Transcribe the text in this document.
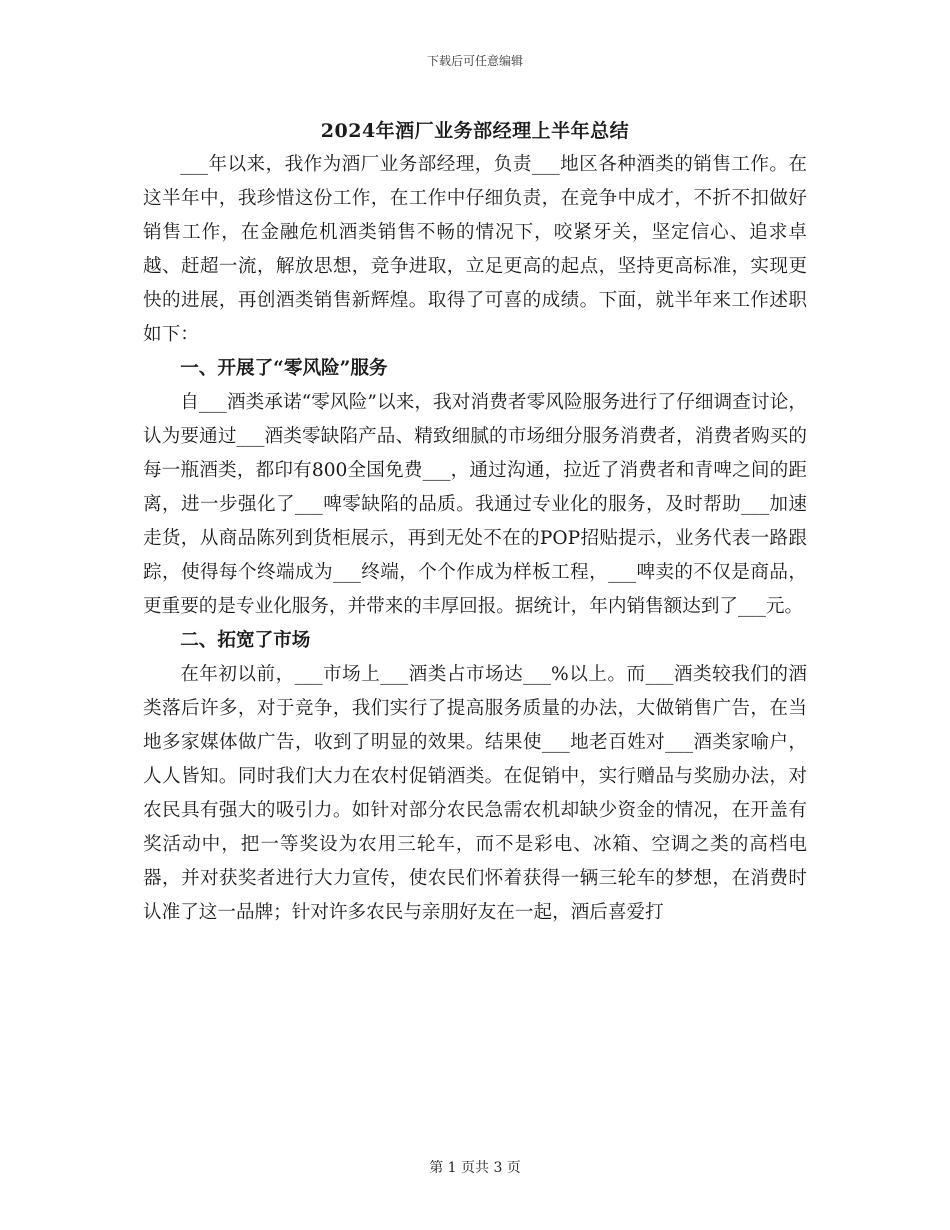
下载后可任意编辑
2024年酒厂业务部经理上半年总结

___年以来，我作为酒厂业务部经理，负责___地区各种酒类的销售工作。在这半年中，我珍惜这份工作，在工作中仔细负责，在竞争中成才，不折不扣做好销售工作，在金融危机酒类销售不畅的情况下，咬紧牙关，坚定信心、追求卓越、赶超一流，解放思想，竞争进取，立足更高的起点，坚持更高标准，实现更快的进展，再创酒类销售新辉煌。取得了可喜的成绩。下面，就半年来工作述职如下：

一、开展了“零风险”服务

自___酒类承诺“零风险”以来，我对消费者零风险服务进行了仔细调查讨论，认为要通过___酒类零缺陷产品、精致细腻的市场细分服务消费者，消费者购买的每一瓶酒类，都印有800全国免费___，通过沟通，拉近了消费者和青啤之间的距离，进一步强化了___啤零缺陷的品质。我通过专业化的服务，及时帮助___加速走货，从商品陈列到货柜展示，再到无处不在的POP招贴提示，业务代表一路跟踪，使得每个终端成为___终端，个个作成为样板工程，___啤卖的不仅是商品，更重要的是专业化服务，并带来的丰厚回报。据统计，年内销售额达到了___元。

二、拓宽了市场

在年初以前，___市场上___酒类占市场达___%以上。而___酒类较我们的酒类落后许多，对于竞争，我们实行了提高服务质量的办法，大做销售广告，在当地多家媒体做广告，收到了明显的效果。结果使___地老百姓对___酒类家喻户，人人皆知。同时我们大力在农村促销酒类。在促销中，实行赠品与奖励办法，对农民具有强大的吸引力。如针对部分农民急需农机却缺少资金的情况，在开盖有奖活动中，把一等奖设为农用三轮车，而不是彩电、冰箱、空调之类的高档电器，并对获奖者进行大力宣传，使农民们怀着获得一辆三轮车的梦想，在消费时认准了这一品牌；针对许多农民与亲朋好友在一起，酒后喜爱打

第 1 页共 3 页
